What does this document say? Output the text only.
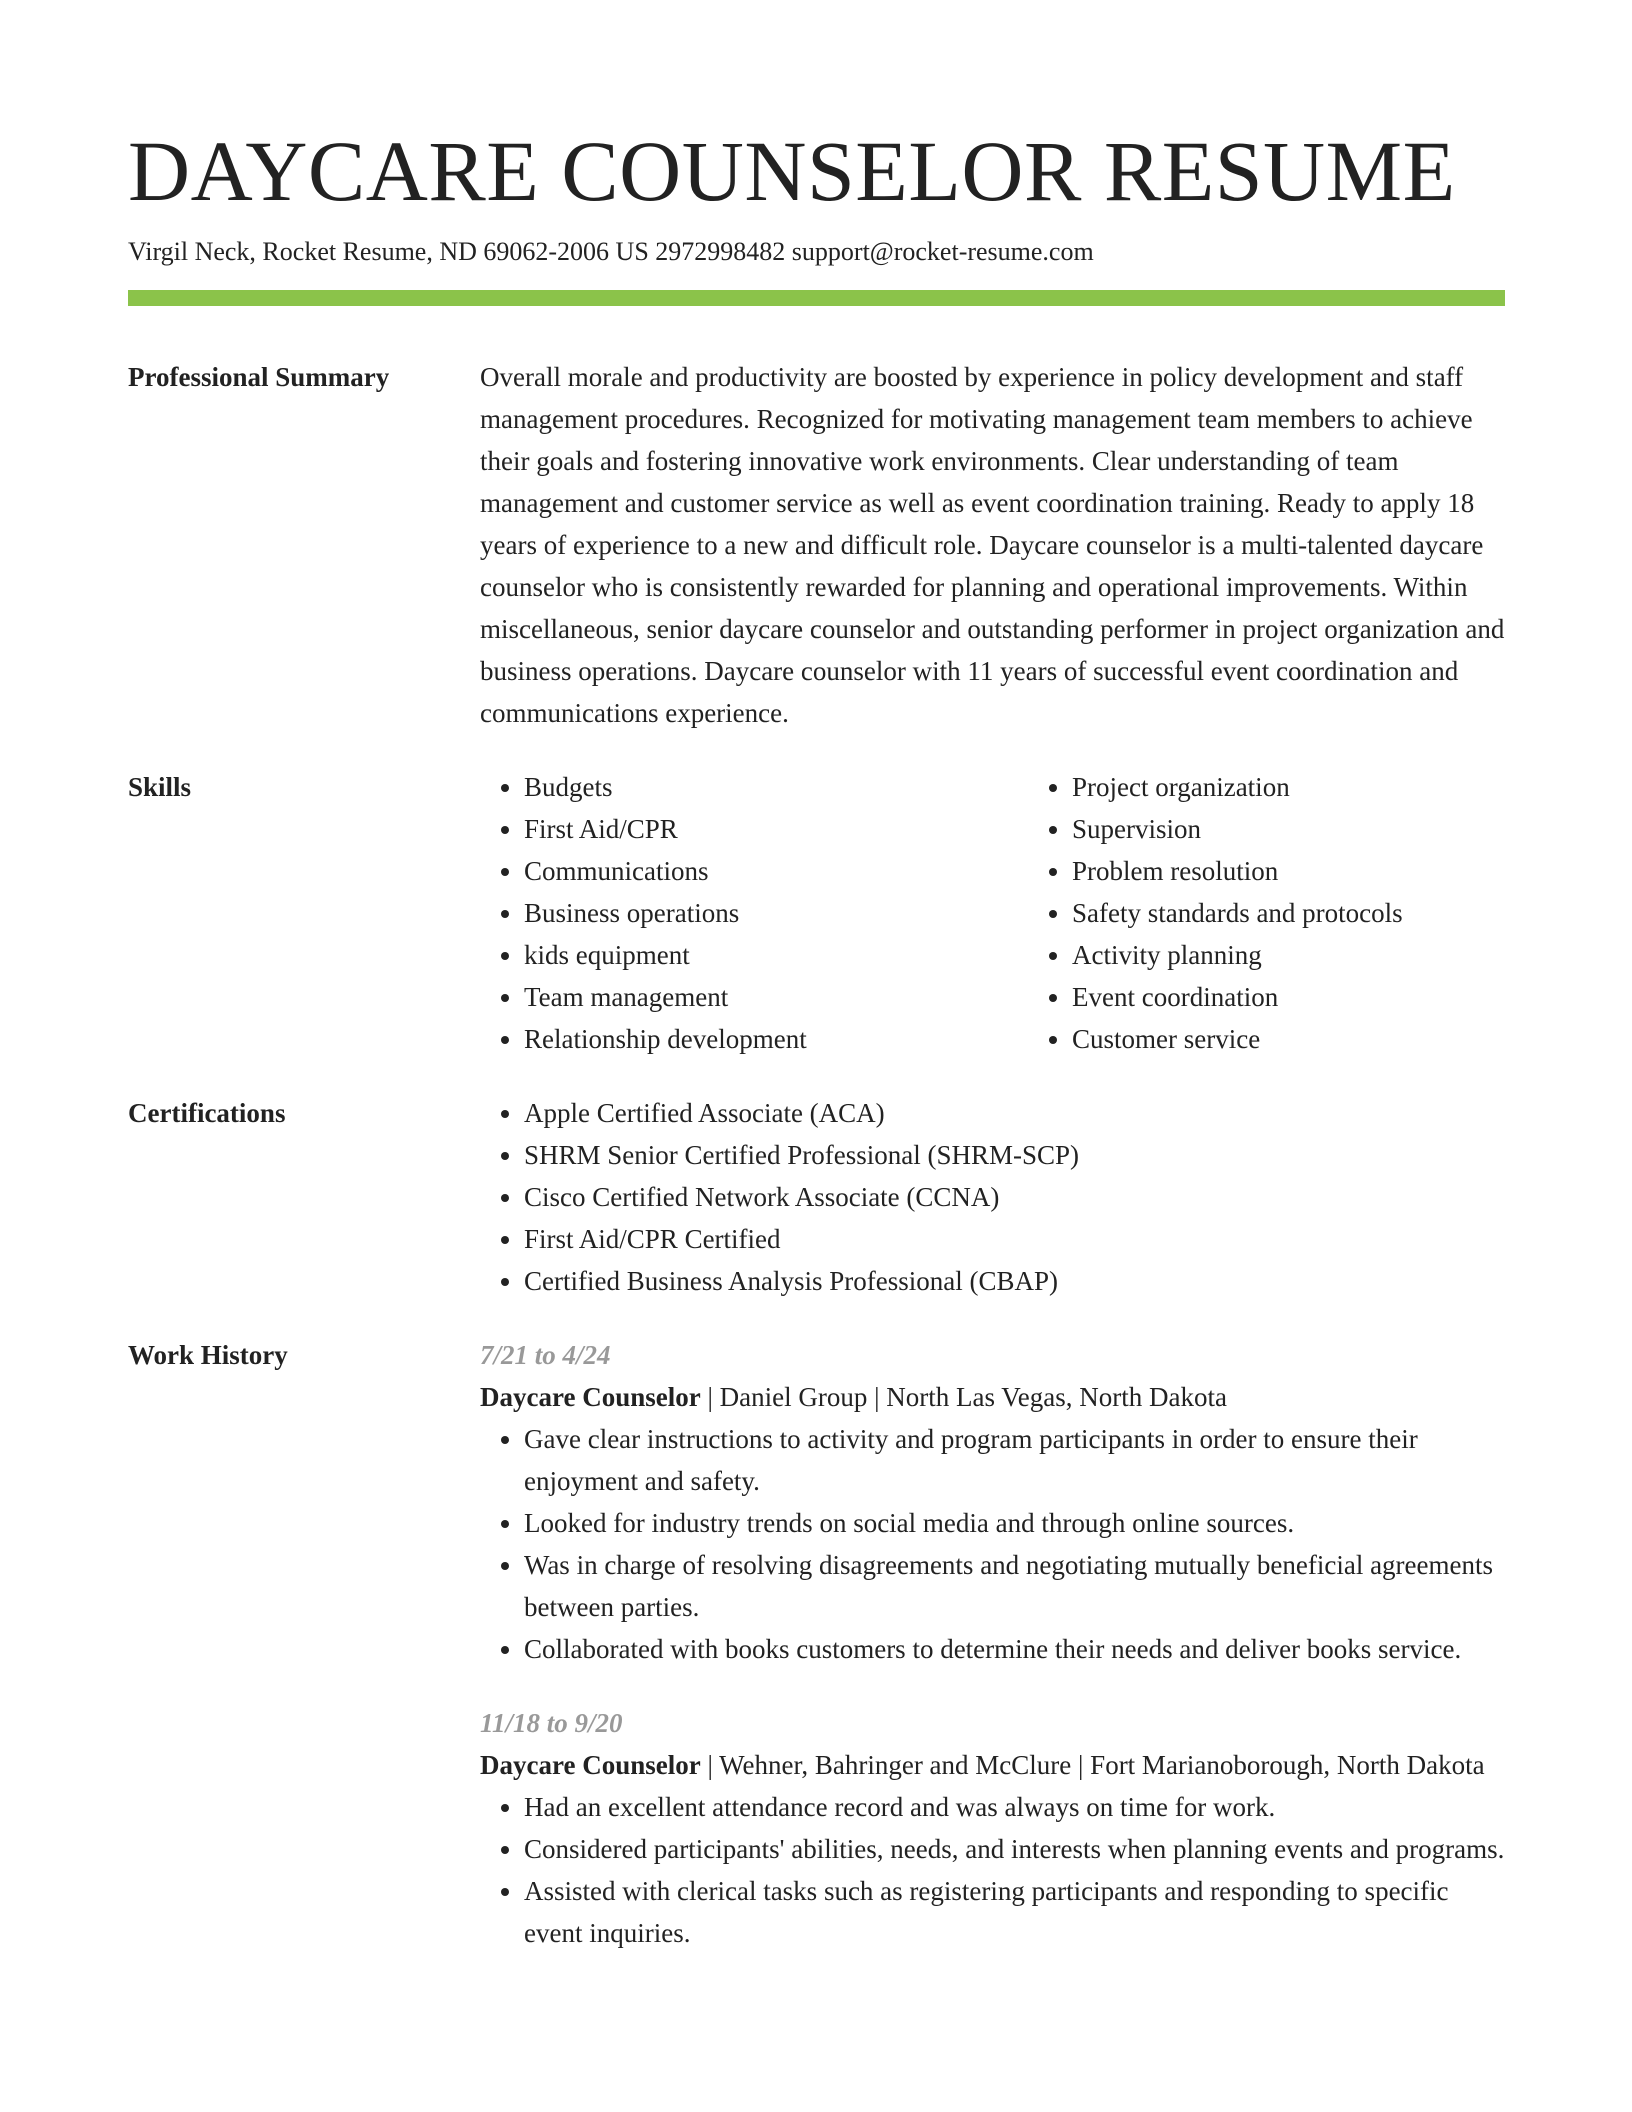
DAYCARE COUNSELOR RESUME
Virgil Neck, Rocket Resume, ND 69062-2006 US 2972998482 support@rocket-resume.com
Professional Summary	Overall morale and productivity are boosted by experience in policy development and staff management procedures. Recognized for motivating management team members to achieve their goals and fostering innovative work environments. Clear understanding of team management and customer service as well as event coordination training. Ready to apply 18 years of experience to a new and difficult role. Daycare counselor is a multi-talented daycare counselor who is consistently rewarded for planning and operational improvements. Within miscellaneous, senior daycare counselor and outstanding performer in project organization and business operations. Daycare counselor with 11 years of successful event coordination and communications experience.
Skills	• Budgets
• First Aid/CPR
• Communications
• Business operations
• kids equipment
• Team management
• Relationship development
• Project organization
• Supervision
• Problem resolution
• Safety standards and protocols
• Activity planning
• Event coordination
• Customer service
Certifications	• Apple Certified Associate (ACA)
• SHRM Senior Certified Professional (SHRM-SCP)
• Cisco Certified Network Associate (CCNA)
• First Aid/CPR Certified
• Certified Business Analysis Professional (CBAP)
Work History	7/21 to 4/24
Daycare Counselor | Daniel Group | North Las Vegas, North Dakota
• Gave clear instructions to activity and program participants in order to ensure their enjoyment and safety.
• Looked for industry trends on social media and through online sources.
• Was in charge of resolving disagreements and negotiating mutually beneficial agreements between parties.
• Collaborated with books customers to determine their needs and deliver books service.
11/18 to 9/20
Daycare Counselor | Wehner, Bahringer and McClure | Fort Marianoborough, North Dakota
• Had an excellent attendance record and was always on time for work.
• Considered participants' abilities, needs, and interests when planning events and programs.
• Assisted with clerical tasks such as registering participants and responding to specific event inquiries.
